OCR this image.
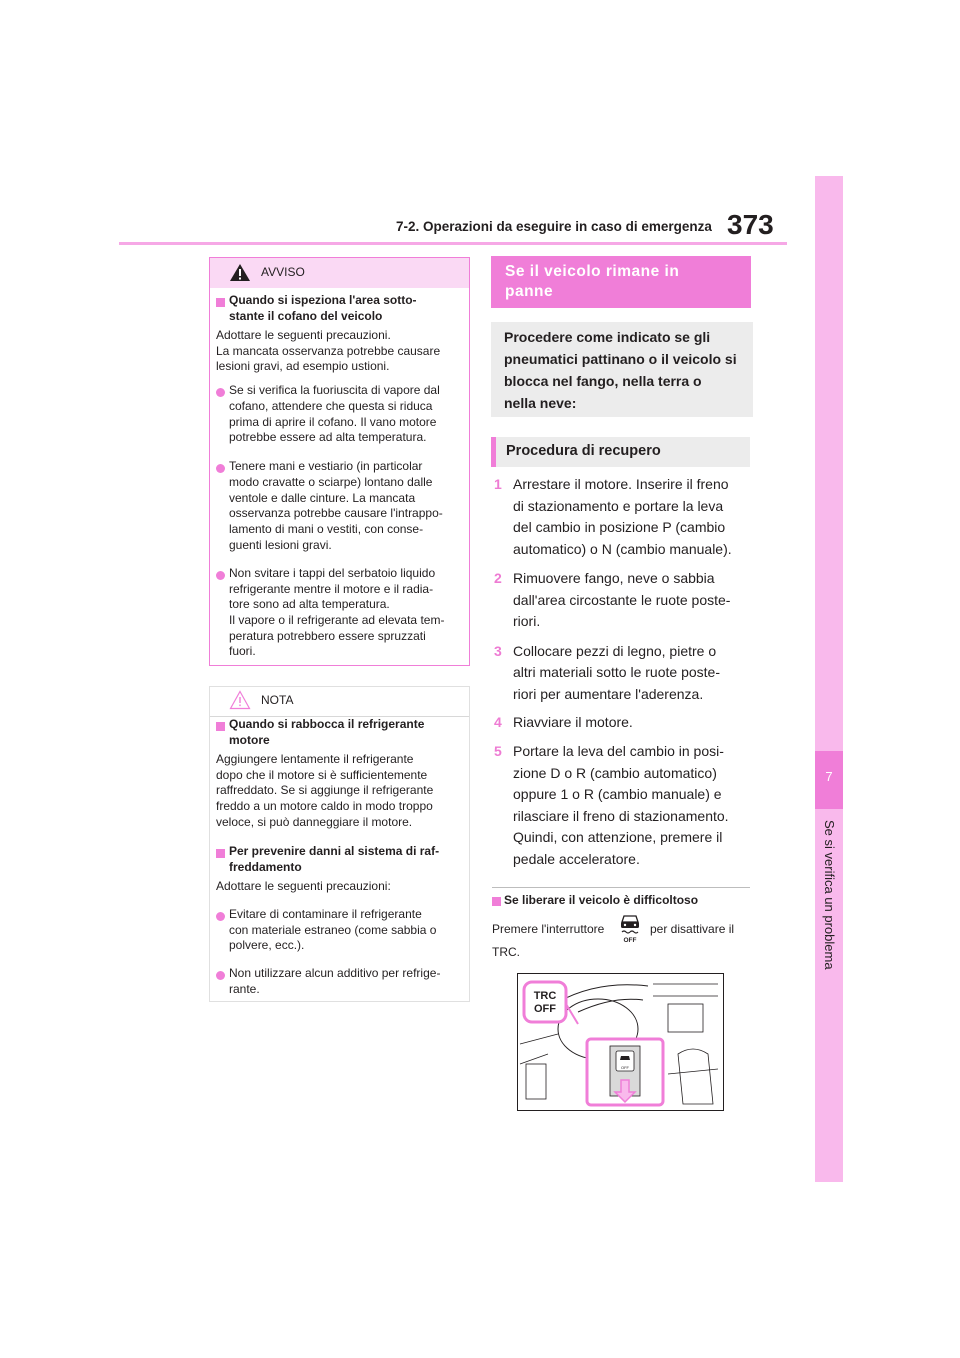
7-2. Operazioni da eseguire in caso di emergenza 373
7
Se si verifica un problema
AVVISO
Quando si ispeziona l'area sotto-
stante il cofano del veicolo
Adottare le seguenti precauzioni.
La mancata osservanza potrebbe causare
lesioni gravi, ad esempio ustioni.
Se si verifica la fuoriuscita di vapore dal
cofano, attendere che questa si riduca
prima di aprire il cofano. Il vano motore
potrebbe essere ad alta temperatura.
Tenere mani e vestiario (in particolar
modo cravatte o sciarpe) lontano dalle
ventole e dalle cinture. La mancata
osservanza potrebbe causare l'intrappo-
lamento di mani o vestiti, con conse-
guenti lesioni gravi.
Non svitare i tappi del serbatoio liquido
refrigerante mentre il motore e il radia-
tore sono ad alta temperatura.
Il vapore o il refrigerante ad elevata tem-
peratura potrebbero essere spruzzati
fuori.
NOTA
Quando si rabbocca il refrigerante
motore
Aggiungere lentamente il refrigerante
dopo che il motore si è sufficientemente
raffreddato. Se si aggiunge il refrigerante
freddo a un motore caldo in modo troppo
veloce, si può danneggiare il motore.
Per prevenire danni al sistema di raf-
freddamento
Adottare le seguenti precauzioni:
Evitare di contaminare il refrigerante
con materiale estraneo (come sabbia o
polvere, ecc.).
Non utilizzare alcun additivo per refrige-
rante.
Se il veicolo rimane in
panne
Procedere come indicato se gli
pneumatici pattinano o il veicolo si
blocca nel fango, nella terra o
nella neve:
Procedura di recupero
1 Arrestare il motore. Inserire il freno
di stazionamento e portare la leva
del cambio in posizione P (cambio
automatico) o N (cambio manuale).
2 Rimuovere fango, neve o sabbia
dall'area circostante le ruote poste-
riori.
3 Collocare pezzi di legno, pietre o
altri materiali sotto le ruote poste-
riori per aumentare l'aderenza.
4 Riavviare il motore.
5 Portare la leva del cambio in posi-
zione D o R (cambio automatico)
oppure 1 o R (cambio manuale) e
rilasciare il freno di stazionamento.
Quindi, con attenzione, premere il
pedale acceleratore.
Se liberare il veicolo è difficoltoso
Premere l'interruttore
OFF
per disattivare il
TRC.
OFF
TRC
OFF
